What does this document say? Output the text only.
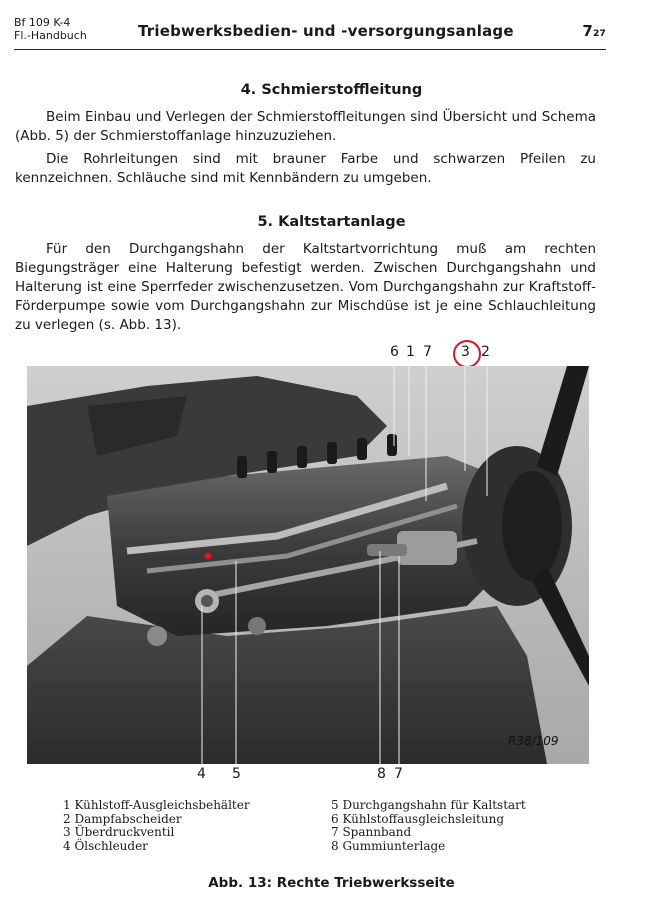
Bf 109 K-4
Fl.-Handbuch	Triebwerksbedien- und -versorgungsanlage	7₂₇
4. Schmierstoffleitung

Beim Einbau und Verlegen der Schmierstoffleitungen sind Übersicht und Schema (Abb. 5) der Schmierstoffanlage hinzuzuziehen.

Die Rohrleitungen sind mit brauner Farbe und schwarzen Pfeilen zu kennzeichnen. Schläuche sind mit Kennbändern zu umgeben.

5. Kaltstartanlage

Für den Durchgangshahn der Kaltstartvorrichtung muß am rechten Biegungsträger eine Halterung befestigt werden. Zwischen Durchgangshahn und Halterung ist eine Sperrfeder zwischenzusetzen. Vom Durchgangshahn zur Kraftstoff-Förderpumpe sowie vom Durchgangshahn zur Mischdüse ist je eine Schlauchleitung zu verlegen (s. Abb. 13).

6 1 7 3 2
R38/109
4 5	8 7
1 Kühlstoff-Ausgleichsbehälter
2 Dampfabscheider
3 Überdruckventil
4 Ölschleuder
5 Durchgangshahn für Kaltstart
6 Kühlstoffausgleichsleitung
7 Spannband
8 Gummiunterlage
Abb. 13: Rechte Triebwerksseite
